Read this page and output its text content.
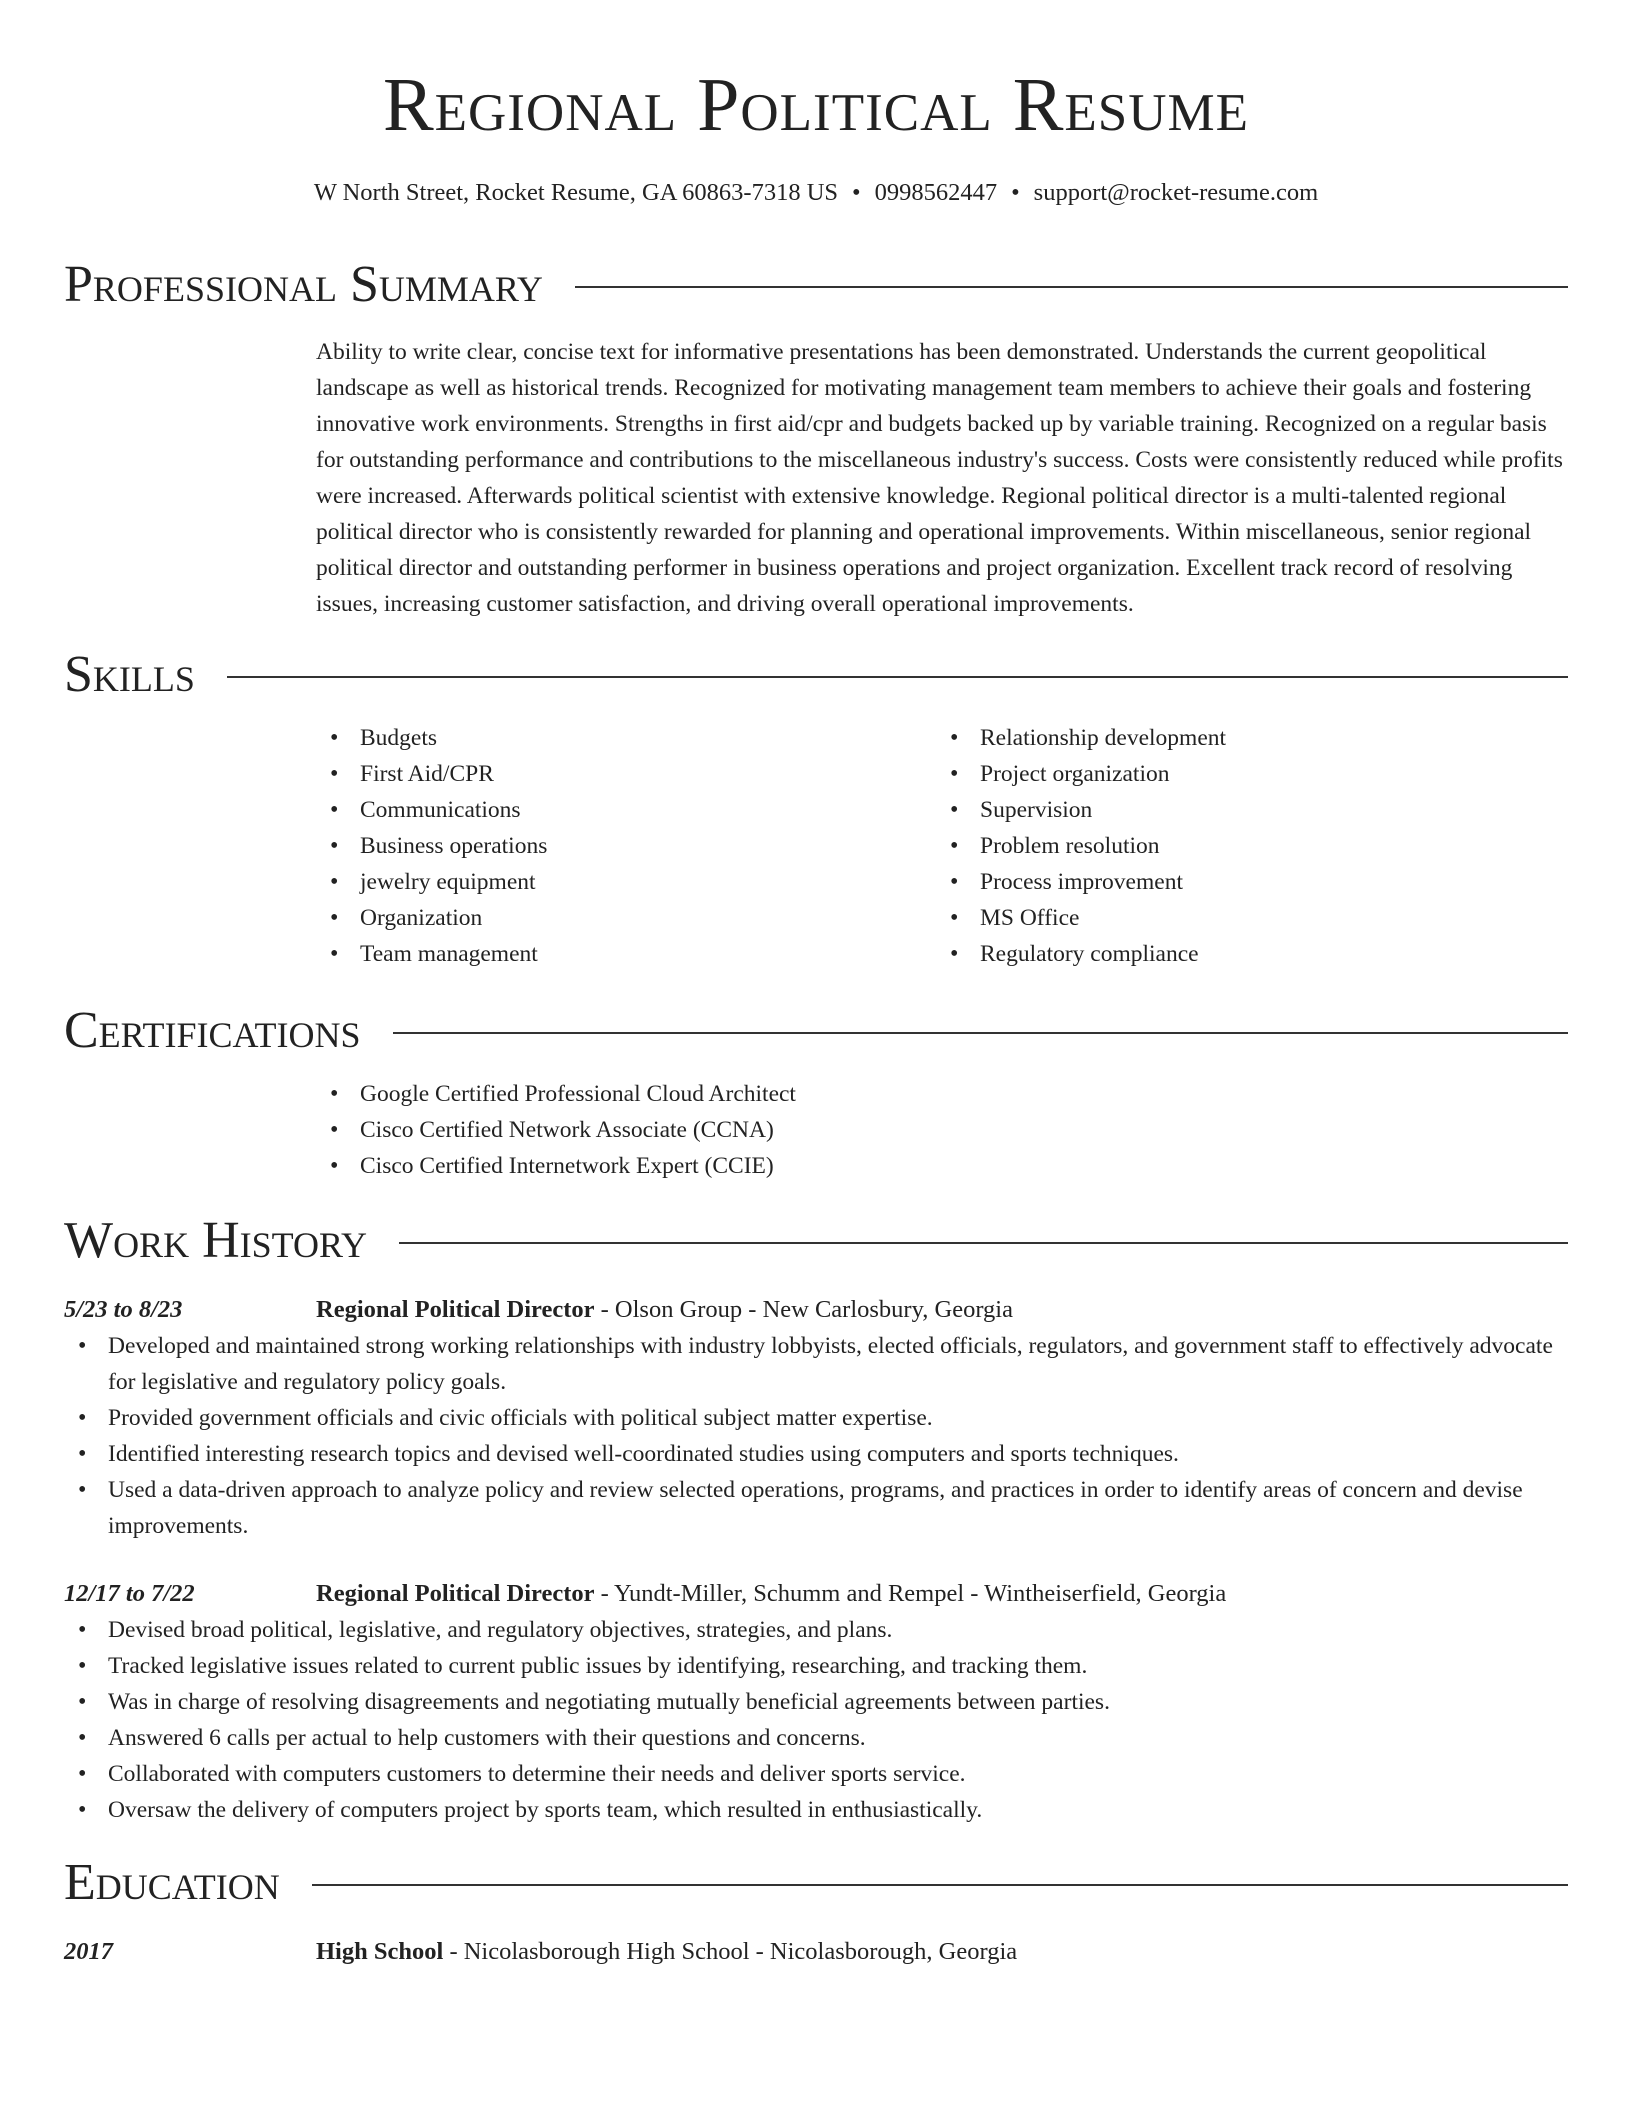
Regional Political Resume
W North Street, Rocket Resume, GA 60863-7318 US • 0998562447 • support@rocket-resume.com
Professional Summary

Ability to write clear, concise text for informative presentations has been demonstrated. Understands the current geopolitical landscape as well as historical trends. Recognized for motivating management team members to achieve their goals and fostering innovative work environments. Strengths in first aid/cpr and budgets backed up by variable training. Recognized on a regular basis for outstanding performance and contributions to the miscellaneous industry's success. Costs were consistently reduced while profits were increased. Afterwards political scientist with extensive knowledge. Regional political director is a multi-talented regional political director who is consistently rewarded for planning and operational improvements. Within miscellaneous, senior regional political director and outstanding performer in business operations and project organization. Excellent track record of resolving issues, increasing customer satisfaction, and driving overall operational improvements.

Skills
• Budgets
• First Aid/CPR
• Communications
• Business operations
• jewelry equipment
• Organization
• Team management
• Relationship development
• Project organization
• Supervision
• Problem resolution
• Process improvement
• MS Office
• Regulatory compliance
Certifications
• Google Certified Professional Cloud Architect
• Cisco Certified Network Associate (CCNA)
• Cisco Certified Internetwork Expert (CCIE)
Work History
5/23 to 8/23	Regional Political Director - Olson Group - New Carlosbury, Georgia
• Developed and maintained strong working relationships with industry lobbyists, elected officials, regulators, and government staff to effectively advocate for legislative and regulatory policy goals.
• Provided government officials and civic officials with political subject matter expertise.
• Identified interesting research topics and devised well-coordinated studies using computers and sports techniques.
• Used a data-driven approach to analyze policy and review selected operations, programs, and practices in order to identify areas of concern and devise improvements.
12/17 to 7/22	Regional Political Director - Yundt-Miller, Schumm and Rempel - Wintheiserfield, Georgia
• Devised broad political, legislative, and regulatory objectives, strategies, and plans.
• Tracked legislative issues related to current public issues by identifying, researching, and tracking them.
• Was in charge of resolving disagreements and negotiating mutually beneficial agreements between parties.
• Answered 6 calls per actual to help customers with their questions and concerns.
• Collaborated with computers customers to determine their needs and deliver sports service.
• Oversaw the delivery of computers project by sports team, which resulted in enthusiastically.
Education
2017	High School - Nicolasborough High School - Nicolasborough, Georgia
